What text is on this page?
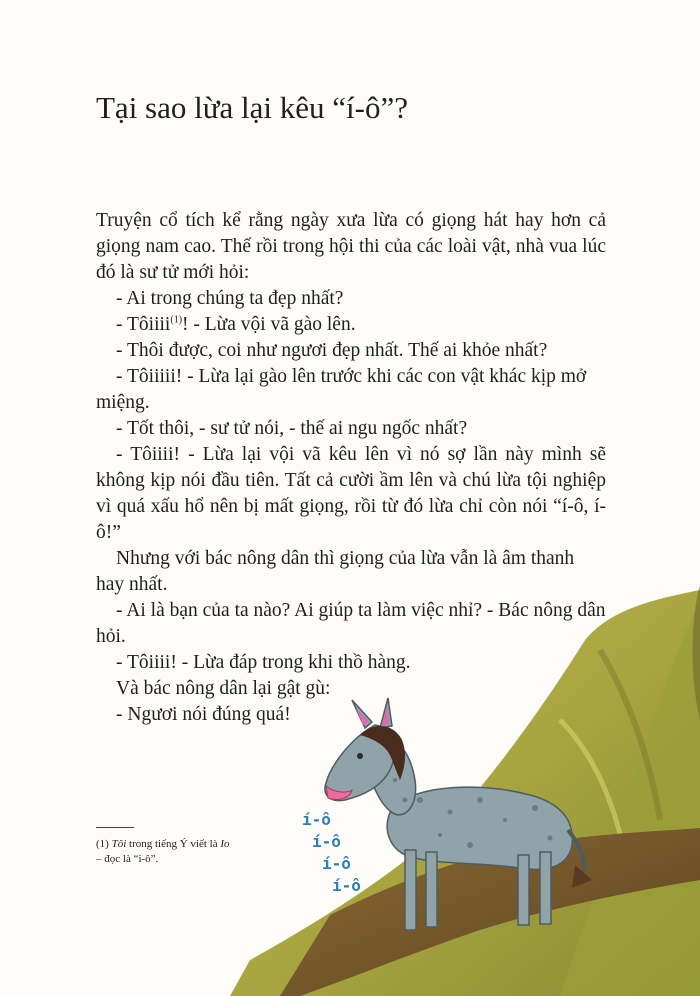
í-ô
í-ô
í-ô
í-ô
Tại sao lừa lại kêu “í-ô”?

Truyện cổ tích kể rằng ngày xưa lừa có giọng hát hay hơn cả giọng nam cao. Thế rồi trong hội thi của các loài vật, nhà vua lúc đó là sư tử mới hỏi:

- Ai trong chúng ta đẹp nhất?

- Tôiiii$^{(1)}$! - Lừa vội vã gào lên.

- Thôi được, coi như ngươi đẹp nhất. Thế ai khỏe nhất?

- Tôiiiii! - Lừa lại gào lên trước khi các con vật khác kịp mở miệng.

- Tốt thôi, - sư tử nói, - thế ai ngu ngốc nhất?

- Tôiiii! - Lừa lại vội vã kêu lên vì nó sợ lần này mình sẽ không kịp nói đầu tiên. Tất cả cười ầm lên và chú lừa tội nghiệp vì quá xấu hổ nên bị mất giọng, rồi từ đó lừa chỉ còn nói “í-ô, í-ô!”

Nhưng với bác nông dân thì giọng của lừa vẫn là âm thanh hay nhất.

- Ai là bạn của ta nào? Ai giúp ta làm việc nhỉ? - Bác nông dân hỏi.

- Tôiiii! - Lừa đáp trong khi thồ hàng.

Và bác nông dân lại gật gù:

- Ngươi nói đúng quá!

(1) Tôi trong tiếng Ý viết là Io

– đọc là “i-ô”.
